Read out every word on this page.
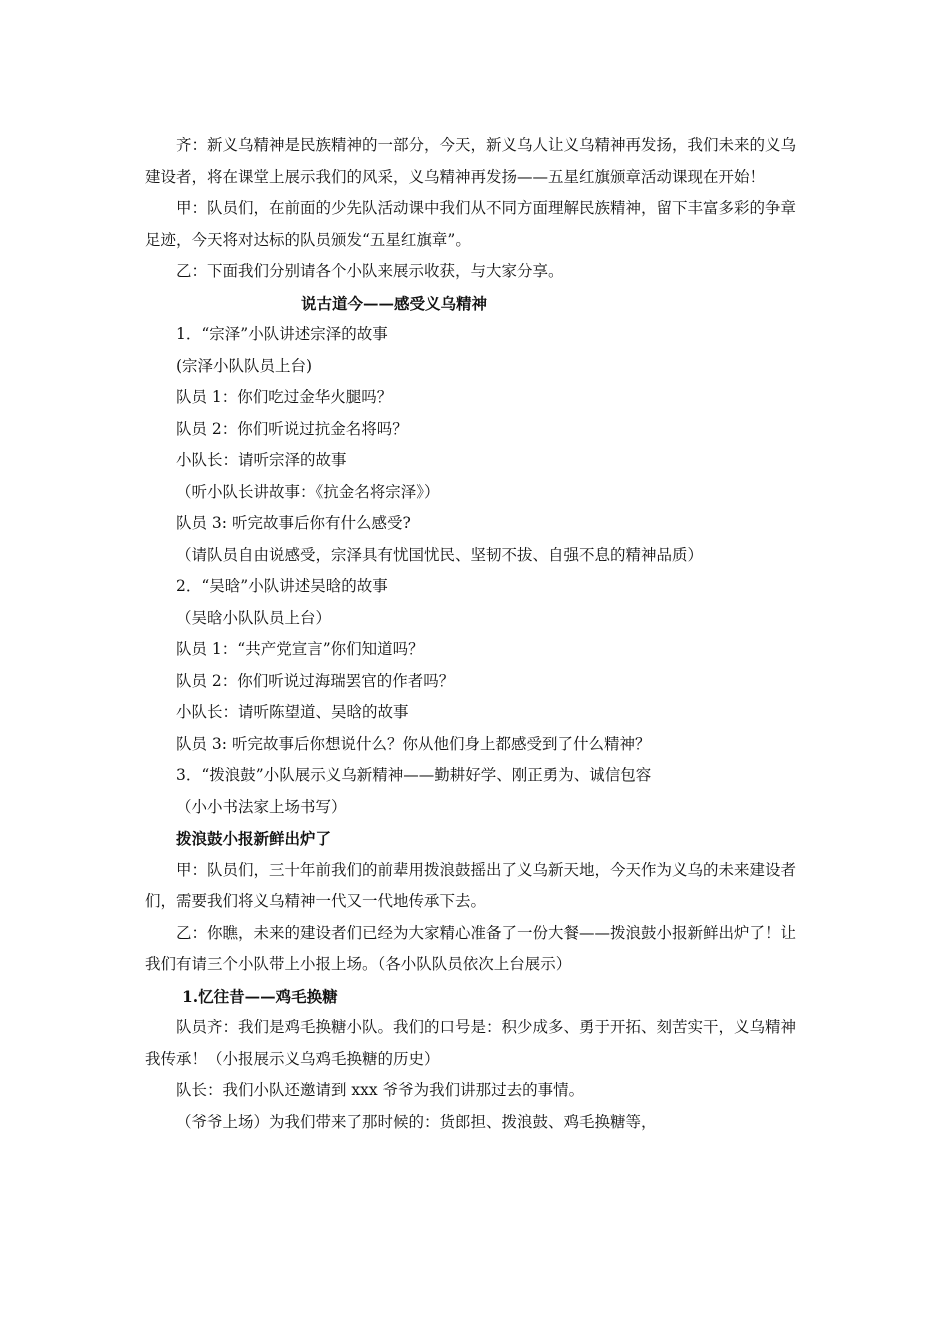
齐：新义乌精神是民族精神的一部分，今天，新义乌人让义乌精神再发扬，我们未来的义乌建设者，将在课堂上展示我们的风采，义乌精神再发扬——五星红旗颁章活动课现在开始！

甲：队员们，在前面的少先队活动课中我们从不同方面理解民族精神，留下丰富多彩的争章足迹，今天将对达标的队员颁发“五星红旗章”。

乙：下面我们分别请各个小队来展示收获，与大家分享。

说古道今——感受义乌精神

1．“宗泽”小队讲述宗泽的故事

(宗泽小队队员上台)

队员 1：你们吃过金华火腿吗？

队员 2：你们听说过抗金名将吗？

小队长：请听宗泽的故事

（听小队长讲故事：《抗金名将宗泽》）

队员 3: 听完故事后你有什么感受?

（请队员自由说感受，宗泽具有忧国忧民、坚韧不拔、自强不息的精神品质）

2．“吴晗”小队讲述吴晗的故事

（吴晗小队队员上台）

队员 1：“共产党宣言”你们知道吗？

队员 2：你们听说过海瑞罢官的作者吗？

小队长：请听陈望道、吴晗的故事

队员 3: 听完故事后你想说什么？你从他们身上都感受到了什么精神？

3．“拨浪鼓”小队展示义乌新精神——勤耕好学、刚正勇为、诚信包容

（小小书法家上场书写）

拨浪鼓小报新鲜出炉了

甲：队员们，三十年前我们的前辈用拨浪鼓摇出了义乌新天地，今天作为义乌的未来建设者们，需要我们将义乌精神一代又一代地传承下去。

乙：你瞧，未来的建设者们已经为大家精心准备了一份大餐——拨浪鼓小报新鲜出炉了！让我们有请三个小队带上小报上场。（各小队队员依次上台展示）

1.忆往昔——鸡毛换糖

队员齐：我们是鸡毛换糖小队。我们的口号是：积少成多、勇于开拓、刻苦实干，义乌精神我传承！（小报展示义乌鸡毛换糖的历史）

队长：我们小队还邀请到 xxx 爷爷为我们讲那过去的事情。

（爷爷上场）为我们带来了那时候的：货郎担、拨浪鼓、鸡毛换糖等，
